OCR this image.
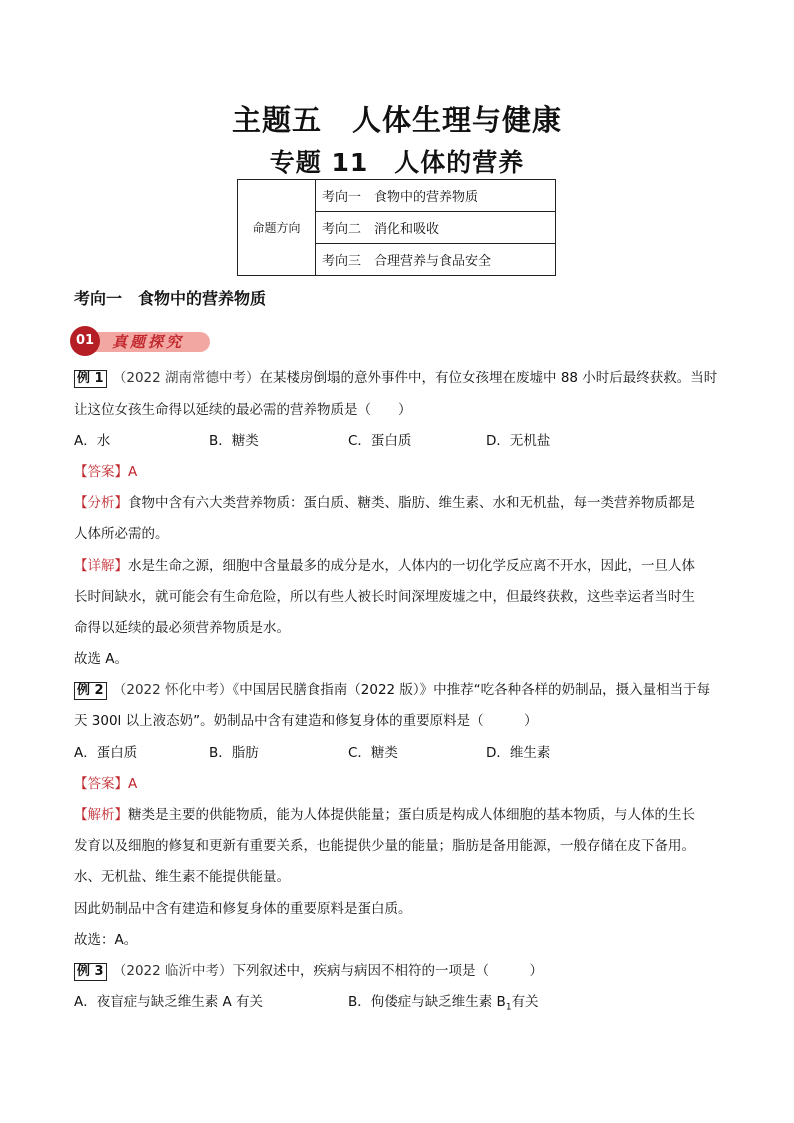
主题五　人体生理与健康
专题 11　人体的营养
命题方向	考向一　食物中的营养物质
考向二　消化和吸收
考向三　合理营养与食品安全
考向一　食物中的营养物质
01	真题探究
例 1 （2022 湖南常德中考）在某楼房倒塌的意外事件中，有位女孩埋在废墟中 88 小时后最终获救。当时
让这位女孩生命得以延续的最必需的营养物质是（　　）
A．水	B．糖类	C．蛋白质	D．无机盐
【答案】A
【分析】食物中含有六大类营养物质：蛋白质、糖类、脂肪、维生素、水和无机盐，每一类营养物质都是
人体所必需的。
【详解】水是生命之源，细胞中含量最多的成分是水，人体内的一切化学反应离不开水，因此，一旦人体
长时间缺水，就可能会有生命危险，所以有些人被长时间深埋废墟之中，但最终获救，这些幸运者当时生
命得以延续的最必须营养物质是水。
故选 A。
例 2 （2022 怀化中考）《中国居民膳食指南（2022 版）》中推荐“吃各种各样的奶制品，摄入量相当于每
天 300l 以上液态奶”。奶制品中含有建造和修复身体的重要原料是（　　　）
A．蛋白质	B．脂肪	C．糖类	D．维生素
【答案】A
【解析】糖类是主要的供能物质，能为人体提供能量；蛋白质是构成人体细胞的基本物质，与人体的生长
发育以及细胞的修复和更新有重要关系，也能提供少量的能量；脂肪是备用能源，一般存储在皮下备用。
水、无机盐、维生素不能提供能量。
因此奶制品中含有建造和修复身体的重要原料是蛋白质。
故选：A。
例 3 （2022 临沂中考）下列叙述中，疾病与病因不相符的一项是（　　　）
A．夜盲症与缺乏维生素 A 有关	B．佝偻症与缺乏维生素 $B_1$有关
